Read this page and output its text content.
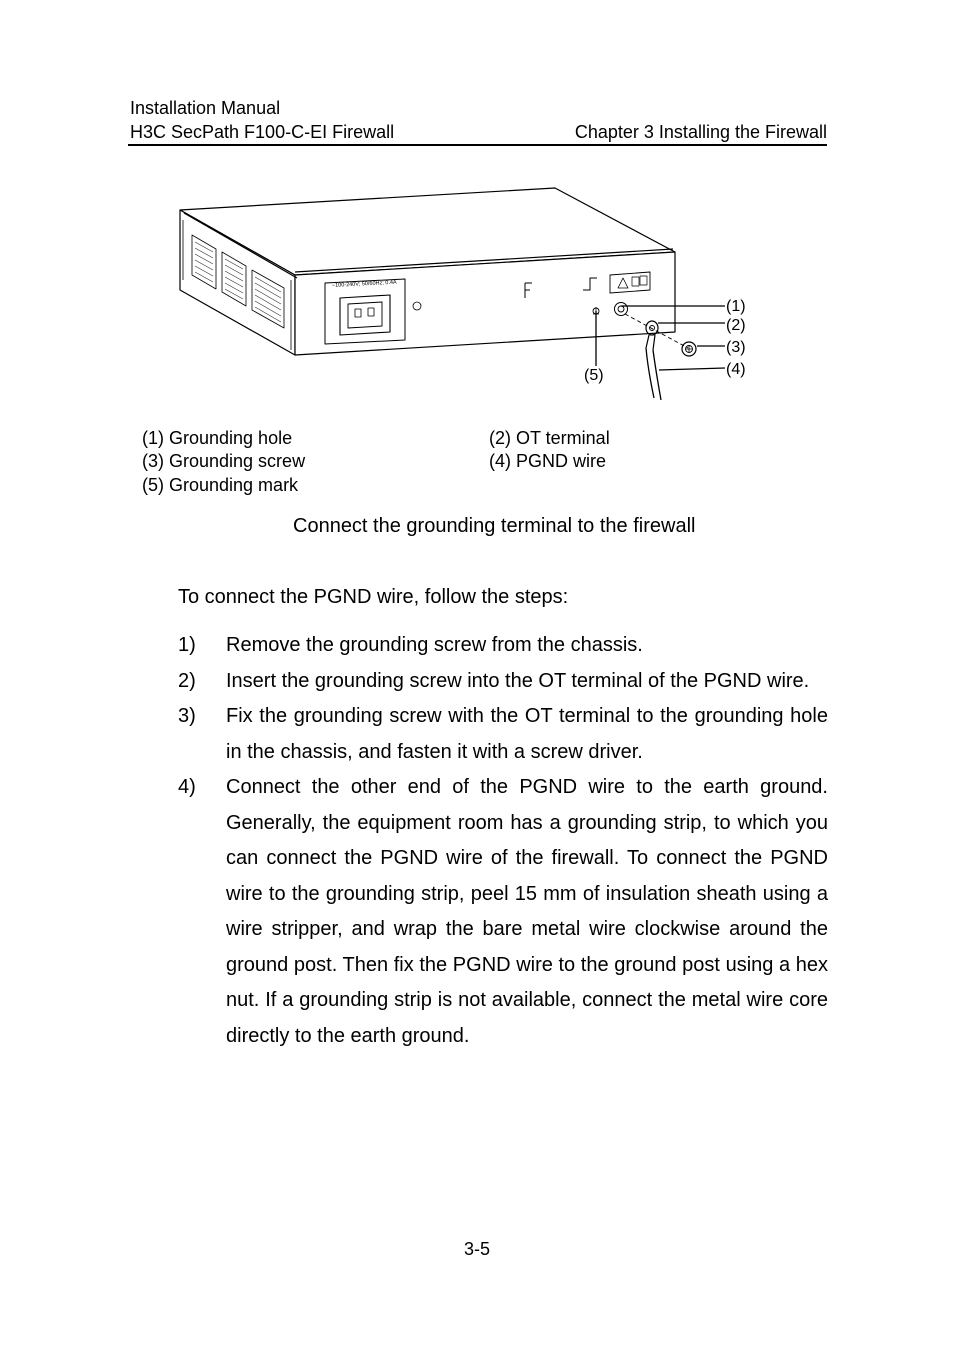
Installation Manual
H3C SecPath F100-C-EI Firewall	Chapter 3 Installing the Firewall
~100-240V; 50/60Hz; 0.4A
(1)
(2)
(3)
(4)
(5)
(1) Grounding hole	(2) OT terminal
(3) Grounding screw	(4) PGND wire
(5) Grounding mark
Connect the grounding terminal to the firewall
To connect the PGND wire, follow the steps:
1)	Remove the grounding screw from the chassis.
2)	Insert the grounding screw into the OT terminal of the PGND wire.
3)	Fix the grounding screw with the OT terminal to the grounding hole in the chassis, and fasten it with a screw driver.
4)	Connect the other end of the PGND wire to the earth ground. Generally, the equipment room has a grounding strip, to which you can connect the PGND wire of the firewall. To connect the PGND wire to the grounding strip, peel 15 mm of insulation sheath using a wire stripper, and wrap the bare metal wire clockwise around the ground post. Then fix the PGND wire to the ground post using a hex nut. If a grounding strip is not available, connect the metal wire core directly to the earth ground.
3-5
